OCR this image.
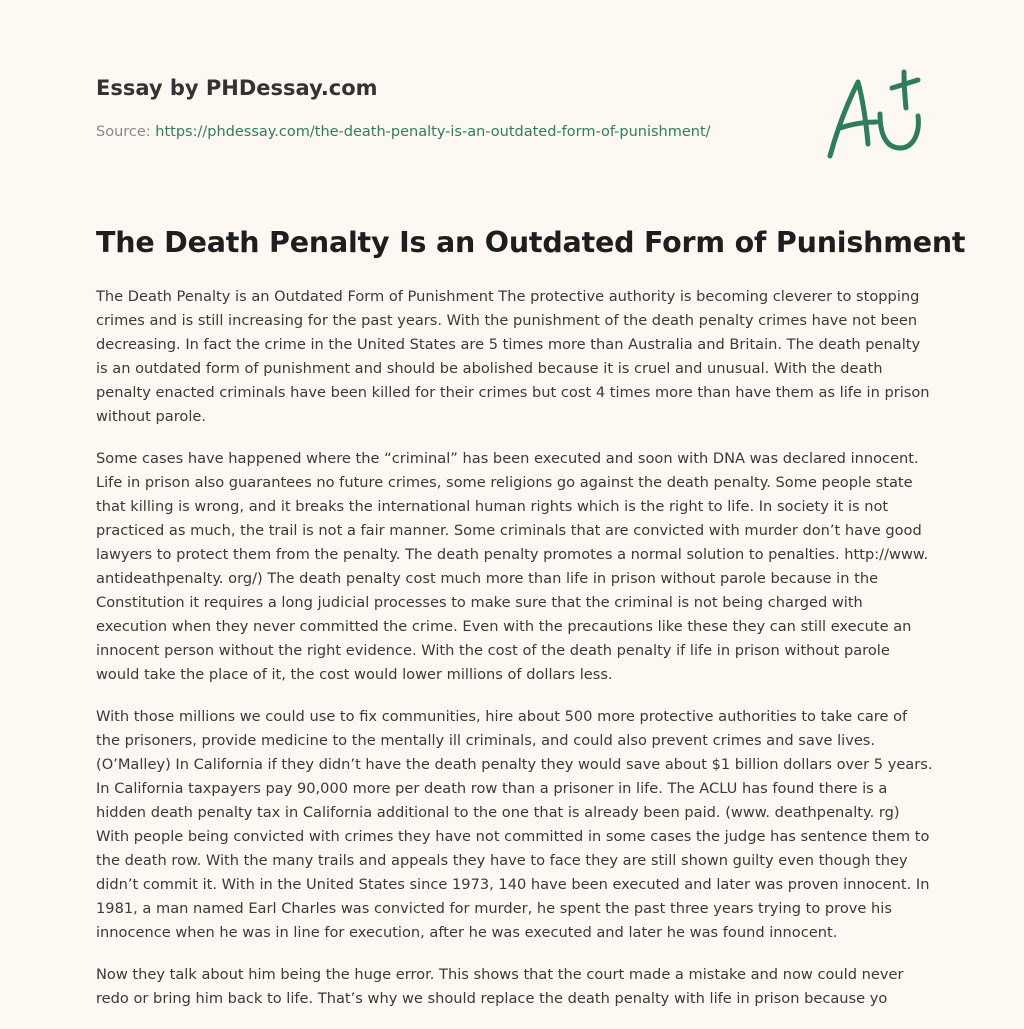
Essay by PHDessay.com
Source: https://phdessay.com/the-death-penalty-is-an-outdated-form-of-punishment/
The Death Penalty Is an Outdated Form of Punishment

The Death Penalty is an Outdated Form of Punishment The protective authority is becoming cleverer to stopping crimes and is still increasing for the past years. With the punishment of the death penalty crimes have not been decreasing. In fact the crime in the United States are 5 times more than Australia and Britain. The death penalty is an outdated form of punishment and should be abolished because it is cruel and unusual. With the death penalty enacted criminals have been killed for their crimes but cost 4 times more than have them as life in prison without parole.

Some cases have happened where the “criminal” has been executed and soon with DNA was declared innocent. Life in prison also guarantees no future crimes, some religions go against the death penalty. Some people state that killing is wrong, and it breaks the international human rights which is the right to life. In society it is not practiced as much, the trail is not a fair manner. Some criminals that are convicted with murder don’t have good lawyers to protect them from the penalty. The death penalty promotes a normal solution to penalties. http://www. antideathpenalty. org/) The death penalty cost much more than life in prison without parole because in the Constitution it requires a long judicial processes to make sure that the criminal is not being charged with execution when they never committed the crime. Even with the precautions like these they can still execute an innocent person without the right evidence. With the cost of the death penalty if life in prison without parole would take the place of it, the cost would lower millions of dollars less.

With those millions we could use to fix communities, hire about 500 more protective authorities to take care of the prisoners, provide medicine to the mentally ill criminals, and could also prevent crimes and save lives. (O’Malley) In California if they didn’t have the death penalty they would save about $1 billion dollars over 5 years. In California taxpayers pay 90,000 more per death row than a prisoner in life. The ACLU has found there is a hidden death penalty tax in California additional to the one that is already been paid. (www. deathpenalty. rg) With people being convicted with crimes they have not committed in some cases the judge has sentence them to the death row. With the many trails and appeals they have to face they are still shown guilty even though they didn’t commit it. With in the United States since 1973, 140 have been executed and later was proven innocent. In 1981, a man named Earl Charles was convicted for murder, he spent the past three years trying to prove his innocence when he was in line for execution, after he was executed and later he was found innocent.

Now they talk about him being the huge error. This shows that the court made a mistake and now could never redo or bring him back to life. That’s why we should replace the death penalty with life in prison because yo
